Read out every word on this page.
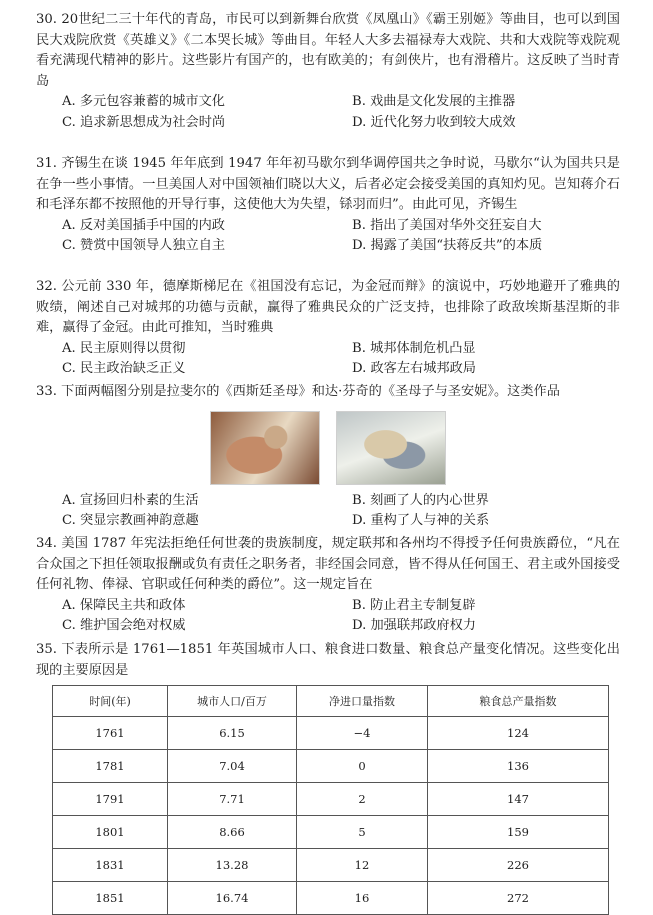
30. 20世纪二三十年代的青岛，市民可以到新舞台欣赏《凤凰山》《霸王别姬》等曲目，也可以到国民大戏院欣赏《英雄义》《二本哭长城》等曲目。年轻人大多去福禄寿大戏院、共和大戏院等戏院观看充满现代精神的影片。这些影片有国产的，也有欧美的；有剑侠片，也有滑稽片。这反映了当时青岛
A. 多元包容兼蓄的城市文化	B. 戏曲是文化发展的主推器
C. 追求新思想成为社会时尚	D. 近代化努力收到较大成效
31. 齐锡生在谈 1945 年年底到 1947 年年初马歇尔到华调停国共之争时说，马歇尔“认为国共只是在争一些小事情。一旦美国人对中国领袖们晓以大义，后者必定会接受美国的真知灼见。岂知蒋介石和毛泽东都不按照他的开导行事，这使他大为失望，铩羽而归”。由此可见，齐锡生
A. 反对美国插手中国的内政	B. 指出了美国对华外交狂妄自大
C. 赞赏中国领导人独立自主	D. 揭露了美国“扶蒋反共”的本质
32. 公元前 330 年，德摩斯梯尼在《祖国没有忘记，为金冠而辩》的演说中，巧妙地避开了雅典的败绩，阐述自己对城邦的功德与贡献，赢得了雅典民众的广泛支持，也排除了政敌埃斯基涅斯的非难，赢得了金冠。由此可推知，当时雅典
A. 民主原则得以贯彻	B. 城邦体制危机凸显
C. 民主政治缺乏正义	D. 政客左右城邦政局
33. 下面两幅图分别是拉斐尔的《西斯廷圣母》和达·芬奇的《圣母子与圣安妮》。这类作品
A. 宣扬回归朴素的生活	B. 刻画了人的内心世界
C. 突显宗教画神韵意趣	D. 重构了人与神的关系
34. 美国 1787 年宪法拒绝任何世袭的贵族制度，规定联邦和各州均不得授予任何贵族爵位，“凡在合众国之下担任领取报酬或负有责任之职务者，非经国会同意，皆不得从任何国王、君主或外国接受任何礼物、俸禄、官职或任何种类的爵位”。这一规定旨在
A. 保障民主共和政体	B. 防止君主专制复辟
C. 维护国会绝对权威	D. 加强联邦政府权力
35. 下表所示是 1761—1851 年英国城市人口、粮食进口数量、粮食总产量变化情况。这些变化出现的主要原因是
时间(年)	城市人口/百万	净进口量指数	粮食总产量指数
1761	6.15	−4	124
1781	7.04	0	136
1791	7.71	2	147
1801	8.66	5	159
1831	13.28	12	226
1851	16.74	16	272
